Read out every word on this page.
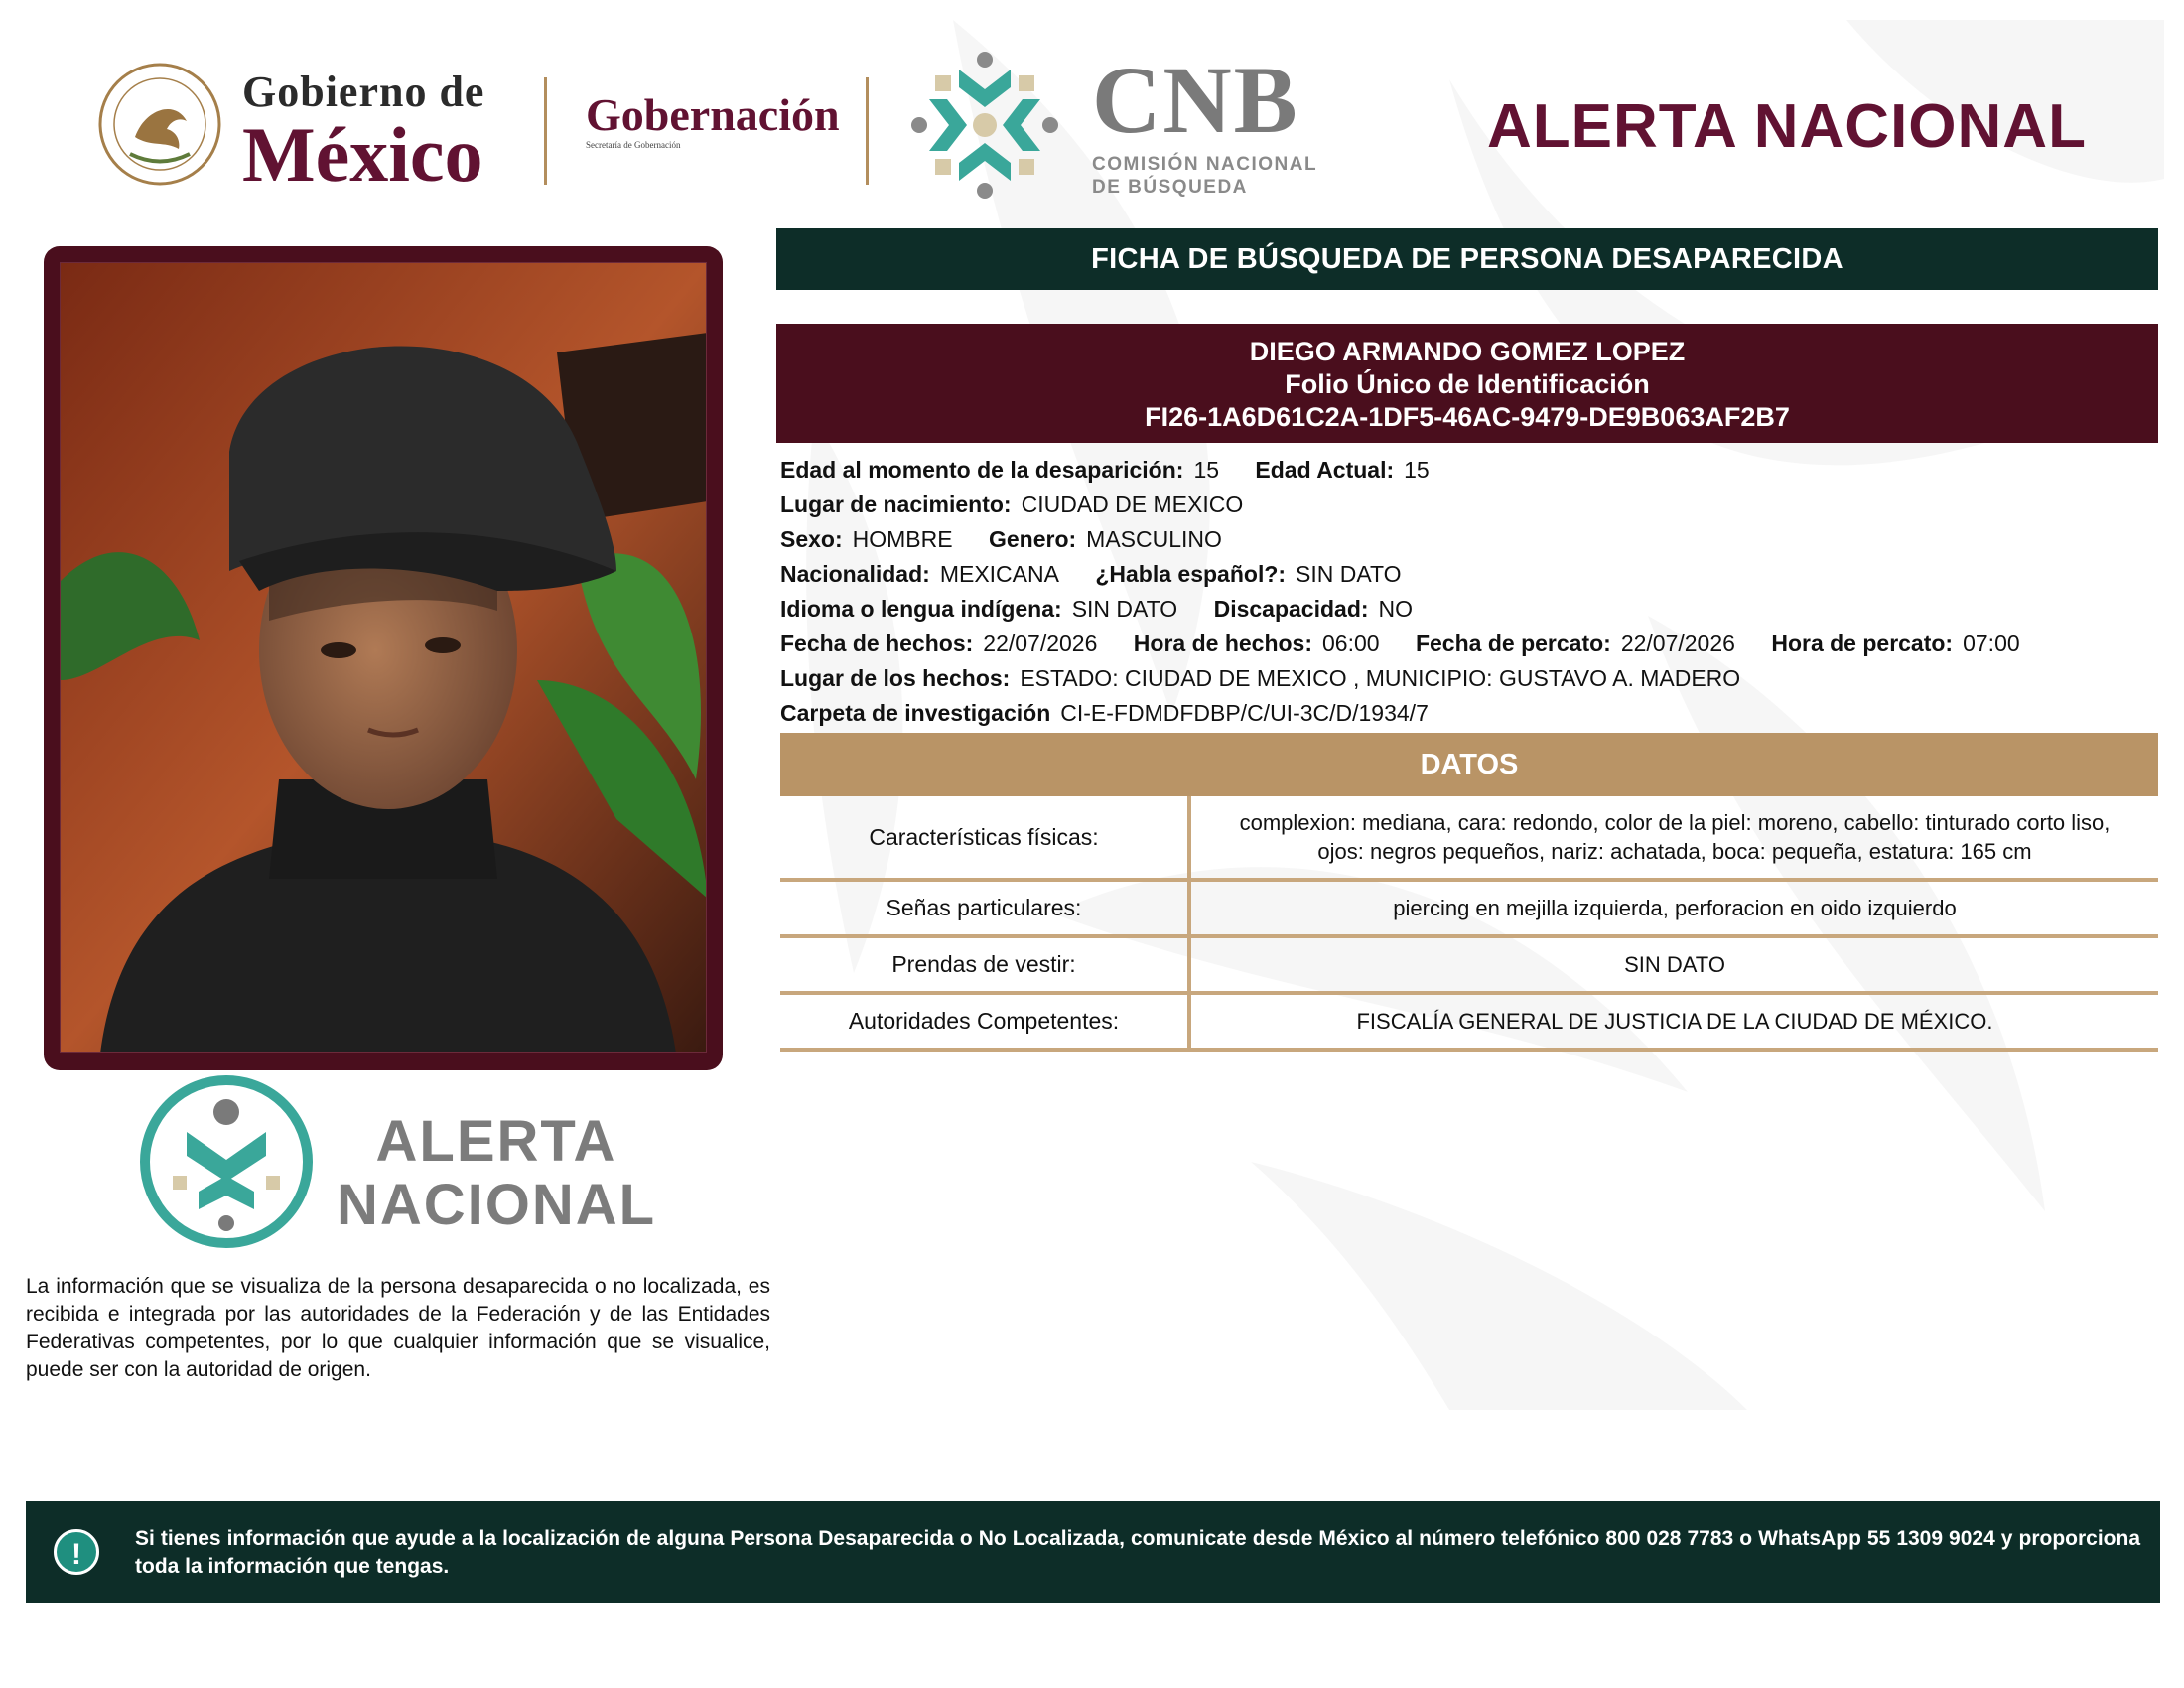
Gobierno de
México	Gobernación
Secretaría de Gobernación	CNB
COMISIÓN NACIONAL
DE BÚSQUEDA
ALERTA NACIONAL
FICHA DE BÚSQUEDA DE PERSONA DESAPARECIDA
DIEGO ARMANDO GOMEZ LOPEZ
Folio Único de Identificación
FI26-1A6D61C2A-1DF5-46AC-9479-DE9B063AF2B7
Edad al momento de la desaparición: 15 Edad Actual: 15
Lugar de nacimiento: CIUDAD DE MEXICO
Sexo: HOMBRE Genero: MASCULINO
Nacionalidad: MEXICANA ¿Habla español?: SIN DATO
Idioma o lengua indígena: SIN DATO Discapacidad: NO
Fecha de hechos: 22/07/2026 Hora de hechos: 06:00 Fecha de percato: 22/07/2026 Hora de percato: 07:00
Lugar de los hechos: ESTADO: CIUDAD DE MEXICO , MUNICIPIO: GUSTAVO A. MADERO
Carpeta de investigación CI-E-FDMDFDBP/C/UI-3C/D/1934/7
DATOS
Características físicas:
complexion: mediana, cara: redondo, color de la piel: moreno, cabello: tinturado corto liso, ojos: negros pequeños, nariz: achatada, boca: pequeña, estatura: 165 cm
Señas particulares:	piercing en mejilla izquierda, perforacion en oido izquierdo
Prendas de vestir:	SIN DATO
Autoridades Competentes:	FISCALÍA GENERAL DE JUSTICIA DE LA CIUDAD DE MÉXICO.
ALERTA
NACIONAL
La información que se visualiza de la persona desaparecida o no localizada, es recibida e integrada por las autoridades de la Federación y de las Entidades Federativas competentes, por lo que cualquier información que se visualice, puede ser con la autoridad de origen.
!	Si tienes información que ayude a la localización de alguna Persona Desaparecida o No Localizada, comunicate desde México al número telefónico 800 028 7783 o WhatsApp 55 1309 9024 y proporciona toda la información que tengas.
